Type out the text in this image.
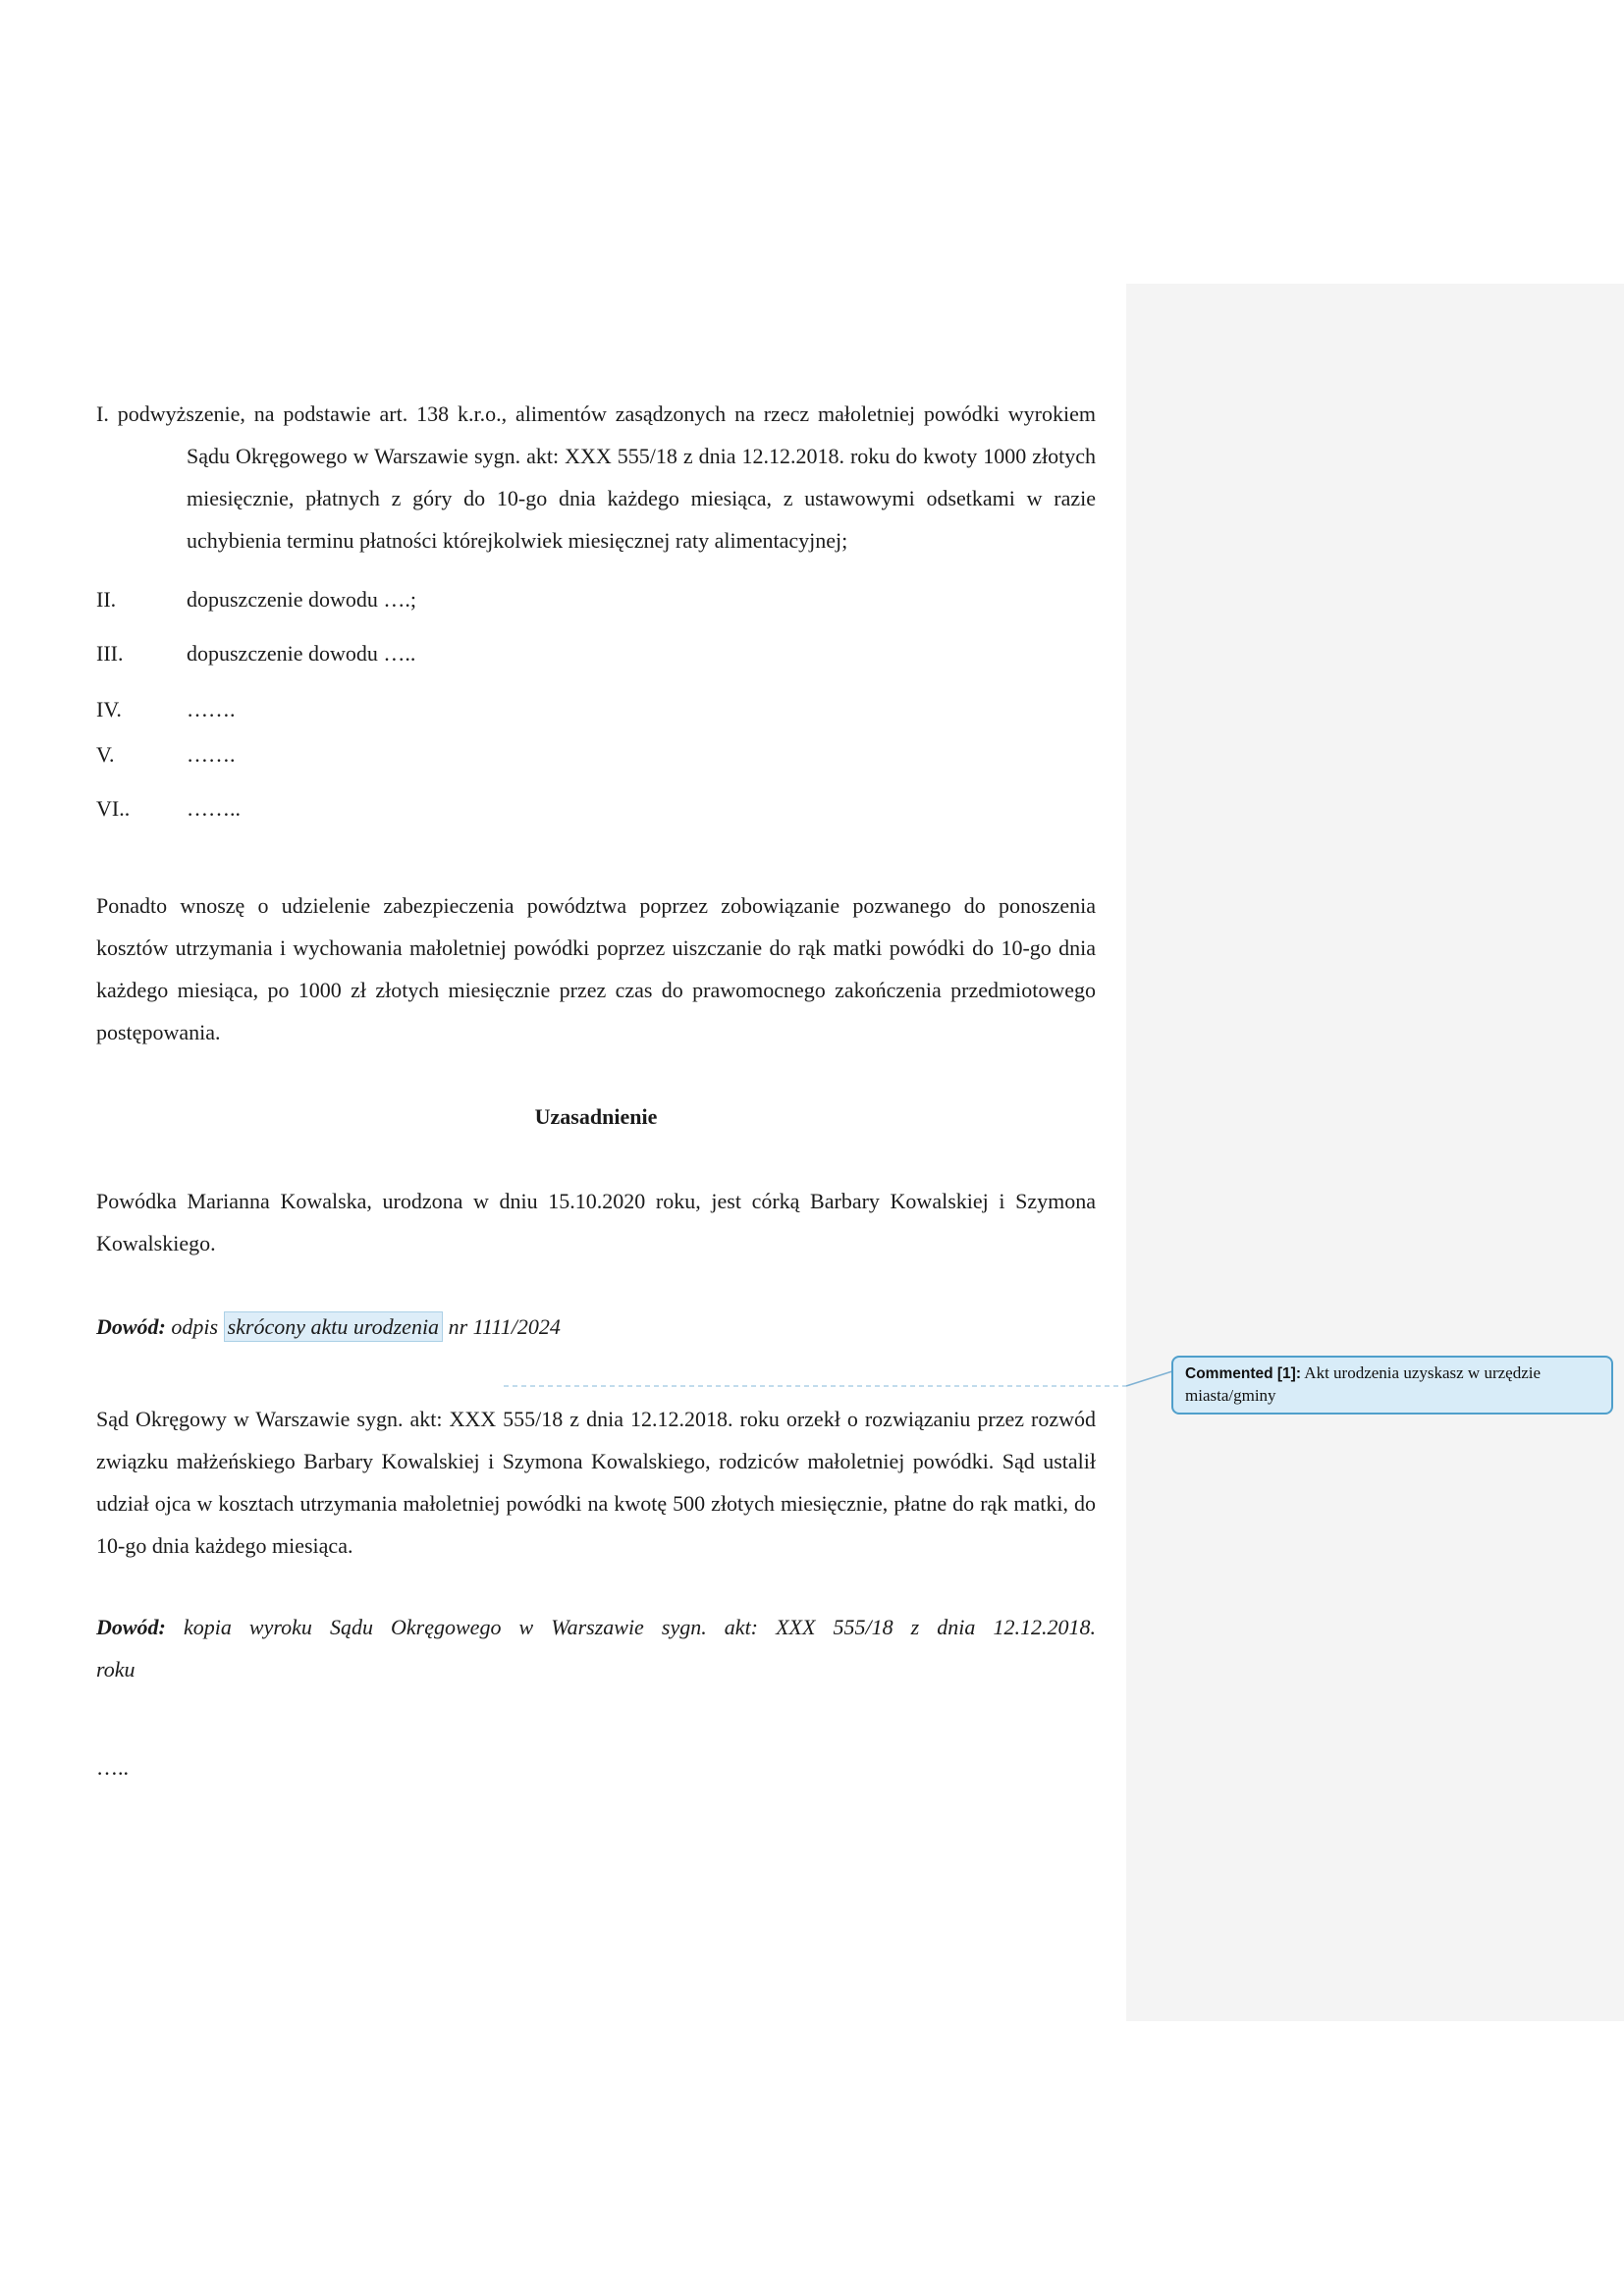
I. podwyższenie, na podstawie art. 138 k.r.o., alimentów zasądzonych na rzecz małoletniej powódki wyrokiem Sądu Okręgowego w Warszawie sygn. akt: XXX 555/18 z dnia 12.12.2018. roku do kwoty 1000 złotych miesięcznie, płatnych z góry do 10-go dnia każdego miesiąca, z ustawowymi odsetkami w razie uchybienia terminu płatności którejkolwiek miesięcznej raty alimentacyjnej;

II.	dopuszczenie dowodu ….;
III.	dopuszczenie dowodu …..
IV.	…….
V.	…….
VI..	……..

Ponadto wnoszę o udzielenie zabezpieczenia powództwa poprzez zobowiązanie pozwanego do ponoszenia kosztów utrzymania i wychowania małoletniej powódki poprzez uiszczanie do rąk matki powódki do 10-go dnia każdego miesiąca, po 1000 zł złotych miesięcznie przez czas do prawomocnego zakończenia przedmiotowego postępowania.

Uzasadnienie

Powódka Marianna Kowalska, urodzona w dniu 15.10.2020 roku, jest córką Barbary Kowalskiej i Szymona Kowalskiego.

Dowód: odpis skrócony aktu urodzenia nr 1111/2024

Sąd Okręgowy w Warszawie sygn. akt: XXX 555/18 z dnia 12.12.2018. roku orzekł o rozwiązaniu przez rozwód związku małżeńskiego Barbary Kowalskiej i Szymona Kowalskiego, rodziców małoletniej powódki. Sąd ustalił udział ojca w kosztach utrzymania małoletniej powódki na kwotę 500 złotych miesięcznie, płatne do rąk matki, do 10-go dnia każdego miesiąca.

Dowód: kopia wyroku Sądu Okręgowego w Warszawie sygn. akt: XXX 555/18 z dnia 12.12.2018.
roku

…..

Commented [1]: Akt urodzenia uzyskasz w urzędzie miasta/gminy
